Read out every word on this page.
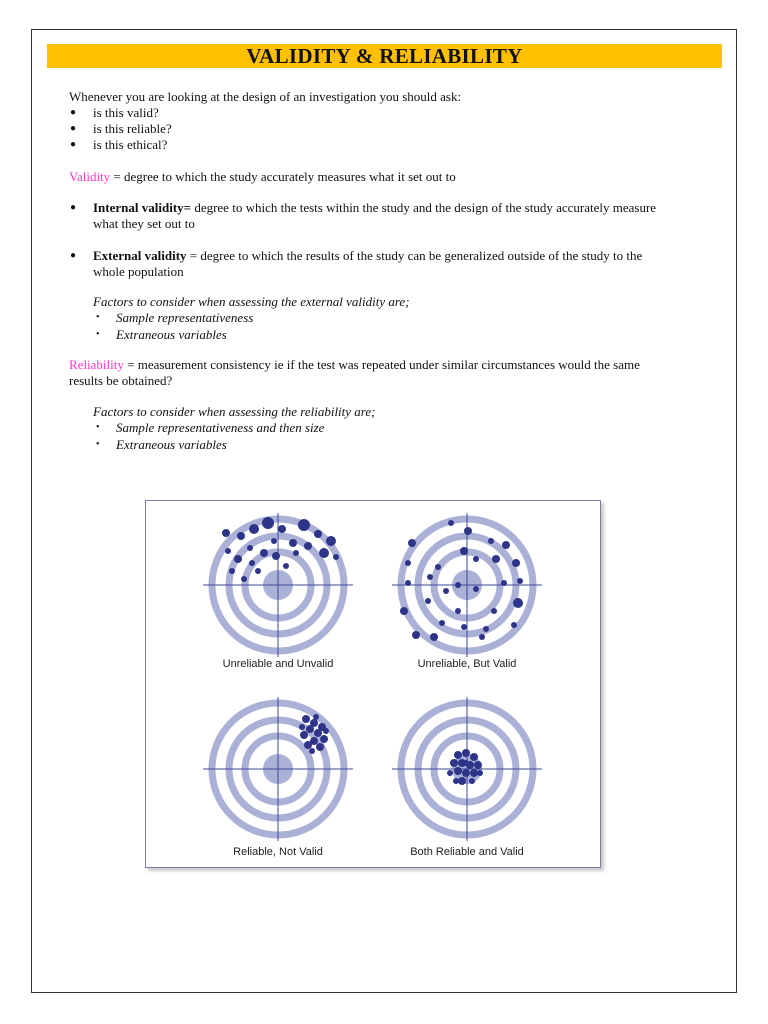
VALIDITY & RELIABILITY
Whenever you are looking at the design of an investigation you should ask:
● is this valid?
● is this reliable?
● is this ethical?
Validity = degree to which the study accurately measures what it set out to
● Internal validity= degree to which the tests within the study and the design of the study accurately measure
what they set out to
● External validity = degree to which the results of the study can be generalized outside of the study to the
whole population
Factors to consider when assessing the external validity are;
• Sample representativeness
• Extraneous variables
Reliability = measurement consistency ie if the test was repeated under similar circumstances would the same
results be obtained?
Factors to consider when assessing the reliability are;
• Sample representativeness and then size
• Extraneous variables
Unreliable and Unvalid	Unreliable, But Valid
Reliable, Not Valid	Both Reliable and Valid
